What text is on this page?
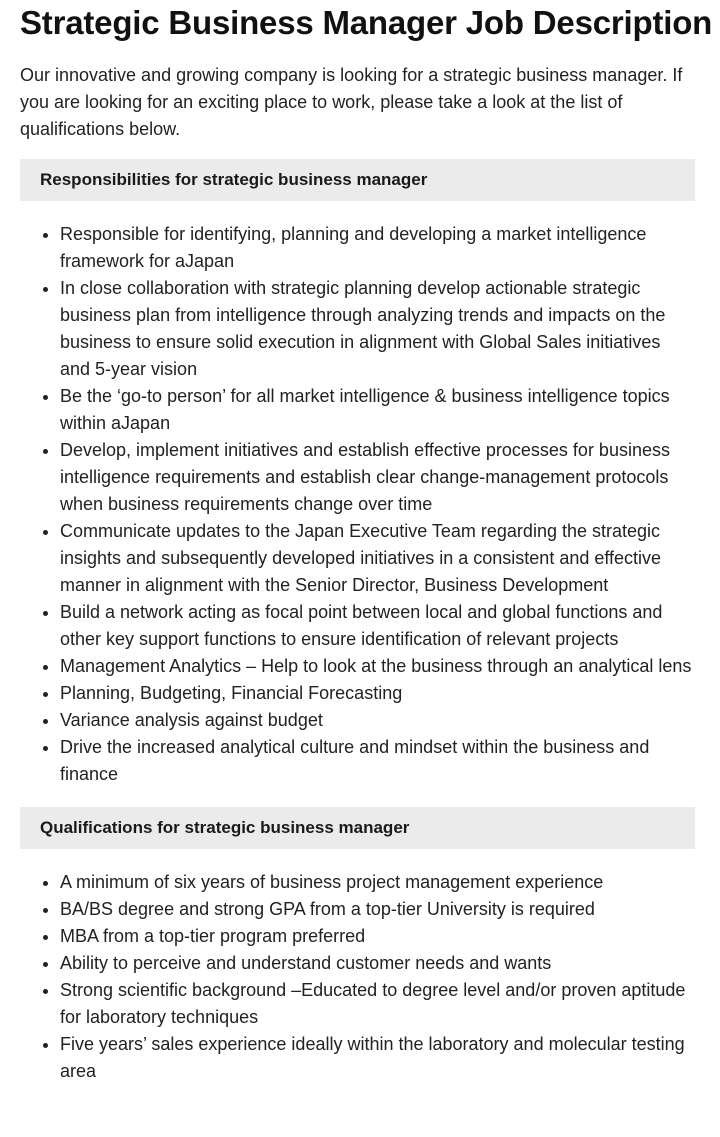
Strategic Business Manager Job Description

Our innovative and growing company is looking for a strategic business manager. If you are looking for an exciting place to work, please take a look at the list of qualifications below.

Responsibilities for strategic business manager
Responsible for identifying, planning and developing a market intelligence framework for aJapan
In close collaboration with strategic planning develop actionable strategic business plan from intelligence through analyzing trends and impacts on the business to ensure solid execution in alignment with Global Sales initiatives and 5-year vision
Be the ‘go-to person’ for all market intelligence & business intelligence topics within aJapan
Develop, implement initiatives and establish effective processes for business intelligence requirements and establish clear change-management protocols when business requirements change over time
Communicate updates to the Japan Executive Team regarding the strategic insights and subsequently developed initiatives in a consistent and effective manner in alignment with the Senior Director, Business Development
Build a network acting as focal point between local and global functions and other key support functions to ensure identification of relevant projects
Management Analytics – Help to look at the business through an analytical lens
Planning, Budgeting, Financial Forecasting
Variance analysis against budget
Drive the increased analytical culture and mindset within the business and finance
Qualifications for strategic business manager
A minimum of six years of business project management experience
BA/BS degree and strong GPA from a top-tier University is required
MBA from a top-tier program preferred
Ability to perceive and understand customer needs and wants
Strong scientific background –Educated to degree level and/or proven aptitude for laboratory techniques
Five years’ sales experience ideally within the laboratory and molecular testing area
